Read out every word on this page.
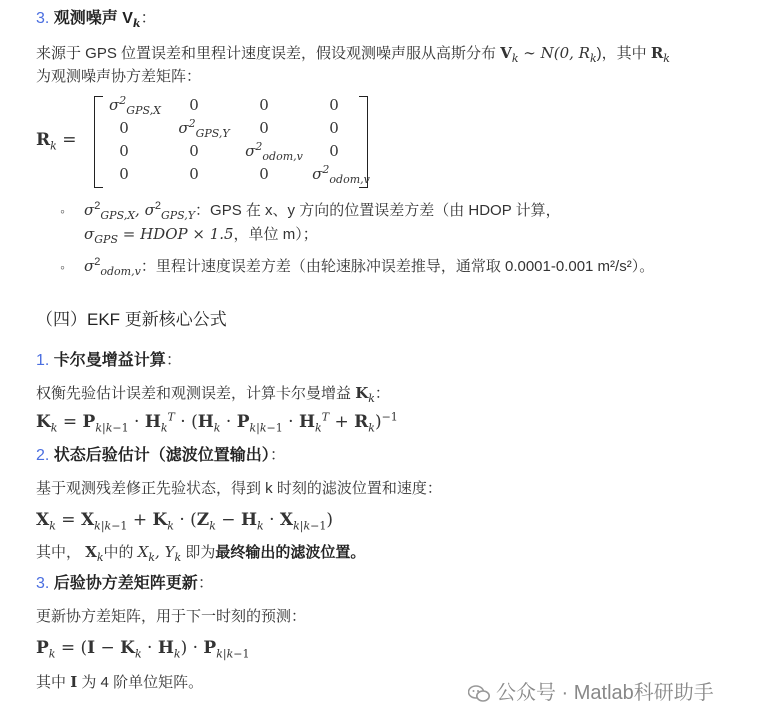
3. 观测噪声 $V_k$：
来源于 GPS 位置误差和里程计速度误差，假设观测噪声服从高斯分布 $V_k$ ∼ N(0, $R_k$)，其中 $R_k$
为观测噪声协方差矩阵：
$R_k$ =
$\sigma^2_{GPS,X}$	0	0	0
0	$\sigma^2_{GPS,Y}$	0	0
0	0	$\sigma^2_{odom,v}$	0
0	0	0	$\sigma^2_{odom,v}$
◦ $\sigma^2_{GPS,X}$, $\sigma^2_{GPS,Y}$：GPS 在 x、y 方向的位置误差方差（由 HDOP 计算，
$\sigma_{GPS}$ = HDOP × 1.5，单位 m）；
◦ $\sigma^2_{odom,v}$：里程计速度误差方差（由轮速脉冲误差推导，通常取 0.0001-0.001 m²/s²）。
（四）EKF 更新核心公式
1. 卡尔曼增益计算：
权衡先验估计误差和观测误差，计算卡尔曼增益 $K_k$：
$K_k = P_{k|k-1} \cdot H_k^T \cdot (H_k \cdot P_{k|k-1} \cdot H_k^T + R_k)^{-1}$
2. 状态后验估计（滤波位置输出）：
基于观测残差修正先验状态，得到 k 时刻的滤波位置和速度：
$X_k = X_{k|k-1} + K_k \cdot (Z_k - H_k \cdot X_{k|k-1})$
其中， $X_k$中的 $X_k$, $Y_k$ 即为最终输出的滤波位置。
3. 后验协方差矩阵更新：
更新协方差矩阵，用于下一时刻的预测：
$P_k = (I - K_k \cdot H_k) \cdot P_{k|k-1}$
其中 I 为 4 阶单位矩阵。	公众号 · Matlab科研助手
